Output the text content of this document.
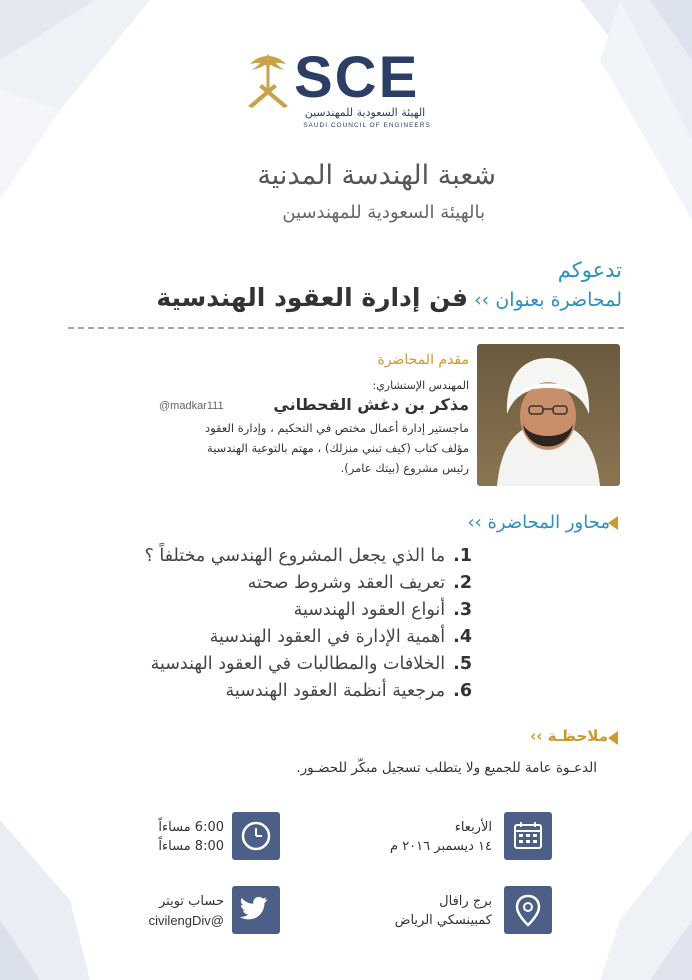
SCE
الهيئة السعودية للمهندسين
SAUDI COUNCIL OF ENGINEERS
شعبة الهندسة المدنية
بالهيئة السعودية للمهندسين
تدعوكم
لمحاضرة بعنوان ›› فن إدارة العقود الهندسية
مقدم المحاضرة
المهندس الإستشاري:
مذكر بن دغش القحطاني
@madkar111
ماجستير إدارة أعمال مختص في التحكيم ، وإدارة العقود
مؤلف كتاب (كيف تبني منزلك) ، مهتم بالتوعية الهندسية
رئيس مشروع (بيتك عامر).
محاور المحاضرة ››
1.ما الذي يجعل المشروع الهندسي مختلفاً ؟
2.تعريف العقد وشروط صحته
3.أنواع العقود الهندسية
4.أهمية الإدارة في العقود الهندسية
5.الخلافات والمطالبات في العقود الهندسية
6.مرجعية أنظمة العقود الهندسية
ملاحظـة ››
الدعـوة عامة للجميع ولا يتطلب تسجيل مبكّر للحضـور.
الأربعاء
١٤ ديسمبر ٢٠١٦ م
6:00 مساءاً
8:00 مساءاً
برج رافال
كمبينسكي الرياض
حساب تويتر
@civilengDiv
